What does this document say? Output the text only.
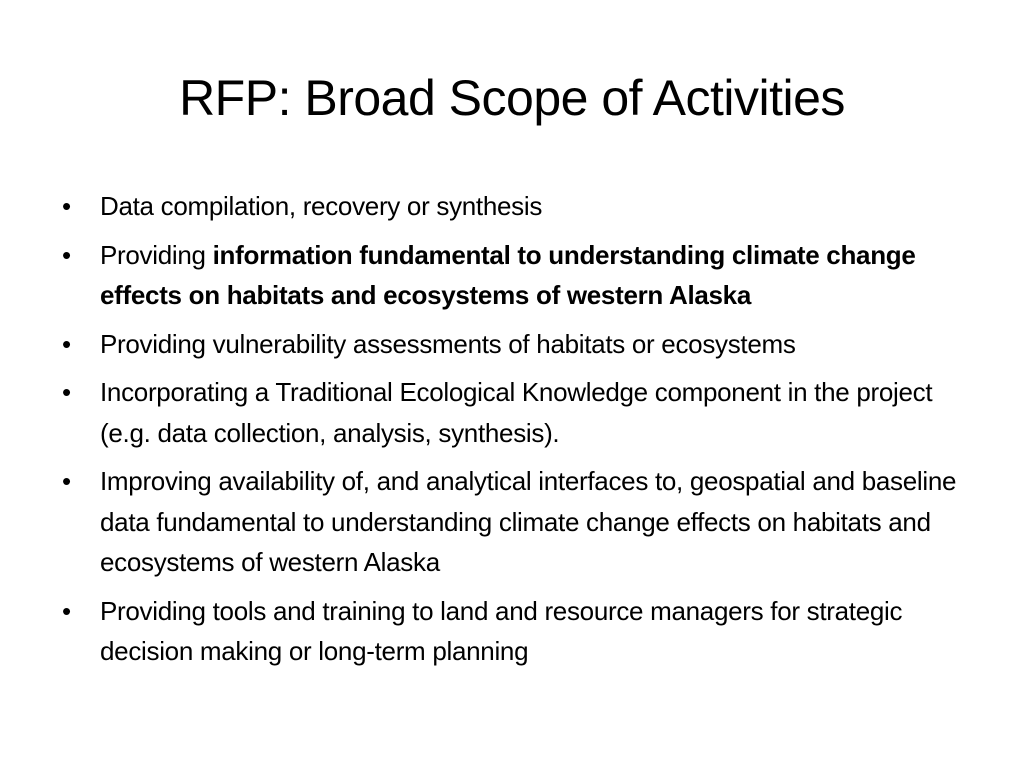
RFP: Broad Scope of Activities
•	Data compilation, recovery or synthesis
•	Providing information fundamental to understanding climate change effects on habitats and ecosystems of western Alaska
•	Providing vulnerability assessments of habitats or ecosystems
•	Incorporating a Traditional Ecological Knowledge component in the project (e.g. data collection, analysis, synthesis).
•	Improving availability of, and analytical interfaces to, geospatial and baseline data fundamental to understanding climate change effects on habitats and ecosystems of western Alaska
•	Providing tools and training to land and resource managers for strategic decision making or long-term planning
